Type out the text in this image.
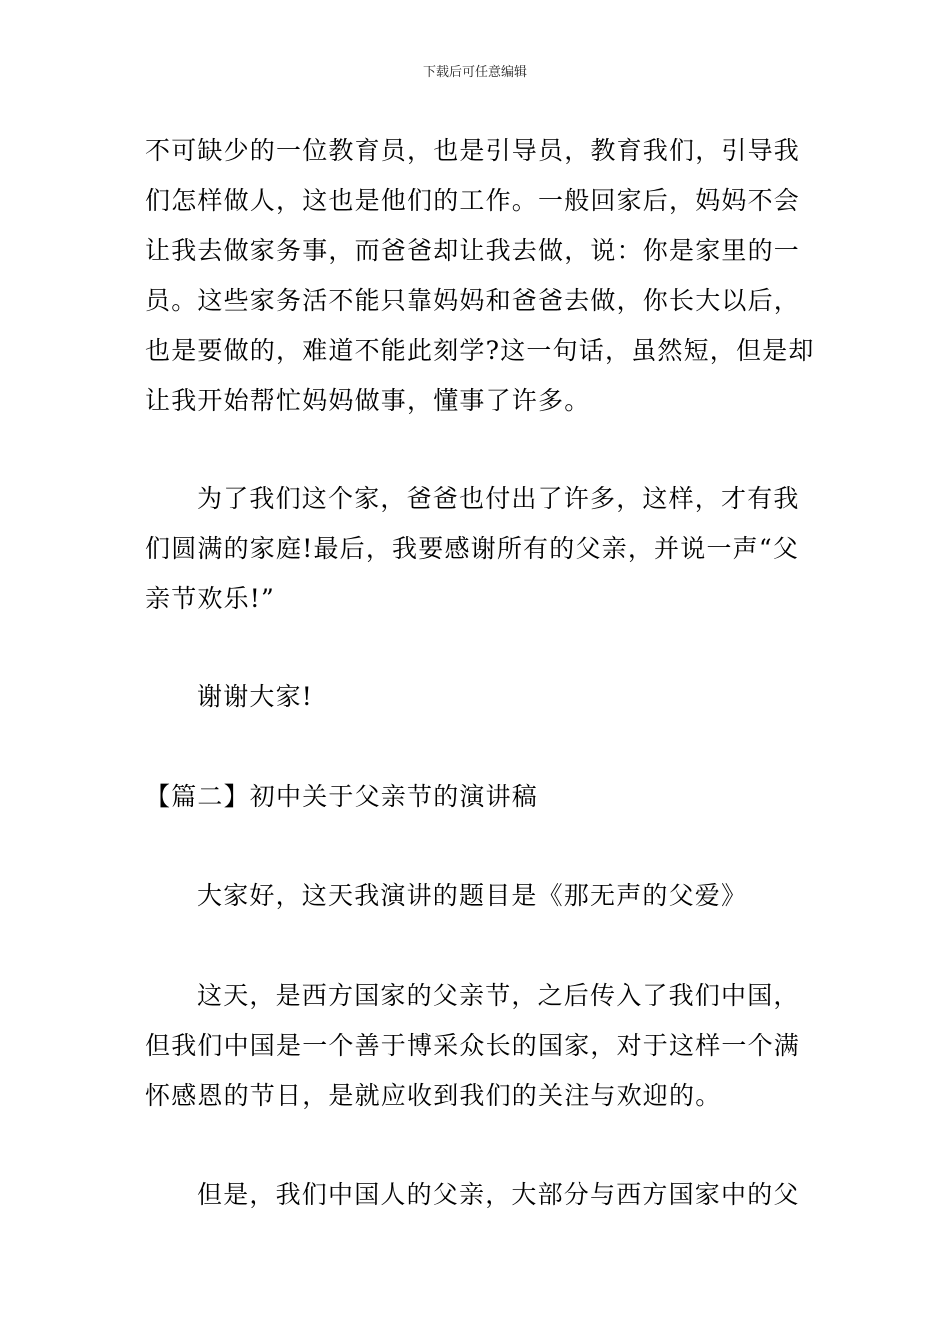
下载后可任意编辑
不可缺少的一位教育员，也是引导员，教育我们，引导我
们怎样做人，这也是他们的工作。一般回家后，妈妈不会
让我去做家务事，而爸爸却让我去做，说：你是家里的一
员。这些家务活不能只靠妈妈和爸爸去做，你长大以后，
也是要做的，难道不能此刻学?这一句话，虽然短，但是却
让我开始帮忙妈妈做事，懂事了许多。
为了我们这个家，爸爸也付出了许多，这样，才有我
们圆满的家庭!最后，我要感谢所有的父亲，并说一声“父
亲节欢乐!”
谢谢大家!
【篇二】初中关于父亲节的演讲稿
大家好，这天我演讲的题目是《那无声的父爱》
这天，是西方国家的父亲节，之后传入了我们中国，
但我们中国是一个善于博采众长的国家，对于这样一个满
怀感恩的节日，是就应收到我们的关注与欢迎的。
但是，我们中国人的父亲，大部分与西方国家中的父
